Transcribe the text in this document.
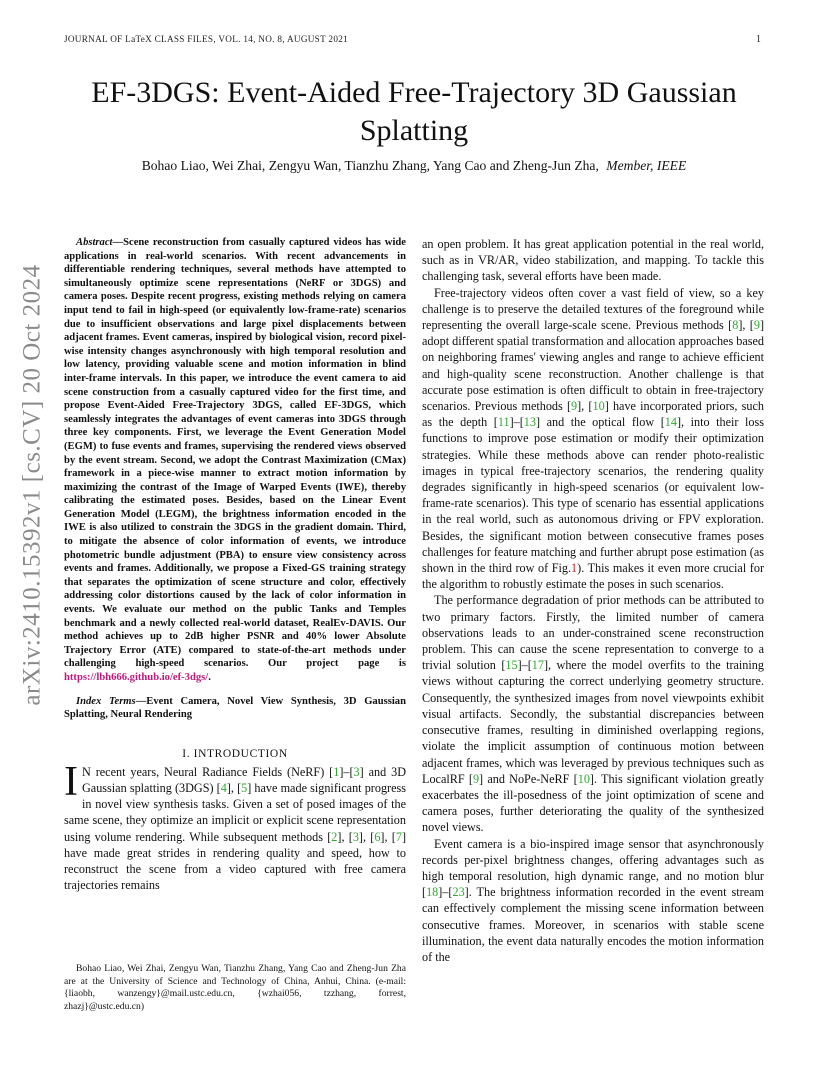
JOURNAL OF LaTeX CLASS FILES, VOL. 14, NO. 8, AUGUST 2021	1
arXiv:2410.15392v1 [cs.CV] 20 Oct 2024
EF-3DGS: Event-Aided Free-Trajectory 3D Gaussian Splatting
Bohao Liao, Wei Zhai, Zengyu Wan, Tianzhu Zhang, Yang Cao and Zheng-Jun Zha, Member, IEEE

Abstract—Scene reconstruction from casually captured videos has wide applications in real-world scenarios. With recent advancements in differentiable rendering techniques, several methods have attempted to simultaneously optimize scene representations (NeRF or 3DGS) and camera poses. Despite recent progress, existing methods relying on camera input tend to fail in high-speed (or equivalently low-frame-rate) scenarios due to insufficient observations and large pixel displacements between adjacent frames. Event cameras, inspired by biological vision, record pixel-wise intensity changes asynchronously with high temporal resolution and low latency, providing valuable scene and motion information in blind inter-frame intervals. In this paper, we introduce the event camera to aid scene construction from a casually captured video for the first time, and propose Event-Aided Free-Trajectory 3DGS, called EF-3DGS, which seamlessly integrates the advantages of event cameras into 3DGS through three key components. First, we leverage the Event Generation Model (EGM) to fuse events and frames, supervising the rendered views observed by the event stream. Second, we adopt the Contrast Maximization (CMax) framework in a piece-wise manner to extract motion information by maximizing the contrast of the Image of Warped Events (IWE), thereby calibrating the estimated poses. Besides, based on the Linear Event Generation Model (LEGM), the brightness information encoded in the IWE is also utilized to constrain the 3DGS in the gradient domain. Third, to mitigate the absence of color information of events, we introduce photometric bundle adjustment (PBA) to ensure view consistency across events and frames. Additionally, we propose a Fixed-GS training strategy that separates the optimization of scene structure and color, effectively addressing color distortions caused by the lack of color information in events. We evaluate our method on the public Tanks and Temples benchmark and a newly collected real-world dataset, RealEv-DAVIS. Our method achieves up to 2dB higher PSNR and 40% lower Absolute Trajectory Error (ATE) compared to state-of-the-art methods under challenging high-speed scenarios. Our project page is https://lbh666.github.io/ef-3dgs/.

Index Terms—Event Camera, Novel View Synthesis, 3D Gaussian Splatting, Neural Rendering

I. INTRODUCTION

I N recent years, Neural Radiance Fields (NeRF) [1]–[3] and 3D Gaussian splatting (3DGS) [4], [5] have made significant progress in novel view synthesis tasks. Given a set of posed images of the same scene, they optimize an implicit or explicit scene representation using volume rendering. While subsequent methods [2], [3], [6], [7] have made great strides in rendering quality and speed, how to reconstruct the scene from a video captured with free camera trajectories remains

Bohao Liao, Wei Zhai, Zengyu Wan, Tianzhu Zhang, Yang Cao and Zheng-Jun Zha are at the University of Science and Technology of China, Anhui, China. (e-mail: {liaobh, wanzengy}@mail.ustc.edu.cn, {wzhai056, tzzhang, forrest, zhazj}@ustc.edu.cn)

an open problem. It has great application potential in the real world, such as in VR/AR, video stabilization, and mapping. To tackle this challenging task, several efforts have been made.

Free-trajectory videos often cover a vast field of view, so a key challenge is to preserve the detailed textures of the foreground while representing the overall large-scale scene. Previous methods [8], [9] adopt different spatial transformation and allocation approaches based on neighboring frames' viewing angles and range to achieve efficient and high-quality scene reconstruction. Another challenge is that accurate pose estimation is often difficult to obtain in free-trajectory scenarios. Previous methods [9], [10] have incorporated priors, such as the depth [11]–[13] and the optical flow [14], into their loss functions to improve pose estimation or modify their optimization strategies. While these methods above can render photo-realistic images in typical free-trajectory scenarios, the rendering quality degrades significantly in high-speed scenarios (or equivalent low-frame-rate scenarios). This type of scenario has essential applications in the real world, such as autonomous driving or FPV exploration. Besides, the significant motion between consecutive frames poses challenges for feature matching and further abrupt pose estimation (as shown in the third row of Fig.1). This makes it even more crucial for the algorithm to robustly estimate the poses in such scenarios.

The performance degradation of prior methods can be attributed to two primary factors. Firstly, the limited number of camera observations leads to an under-constrained scene reconstruction problem. This can cause the scene representation to converge to a trivial solution [15]–[17], where the model overfits to the training views without capturing the correct underlying geometry structure. Consequently, the synthesized images from novel viewpoints exhibit visual artifacts. Secondly, the substantial discrepancies between consecutive frames, resulting in diminished overlapping regions, violate the implicit assumption of continuous motion between adjacent frames, which was leveraged by previous techniques such as LocalRF [9] and NoPe-NeRF [10]. This significant violation greatly exacerbates the ill-posedness of the joint optimization of scene and camera poses, further deteriorating the quality of the synthesized novel views.

Event camera is a bio-inspired image sensor that asynchronously records per-pixel brightness changes, offering advantages such as high temporal resolution, high dynamic range, and no motion blur [18]–[23]. The brightness information recorded in the event stream can effectively complement the missing scene information between consecutive frames. Moreover, in scenarios with stable scene illumination, the event data naturally encodes the motion information of the
